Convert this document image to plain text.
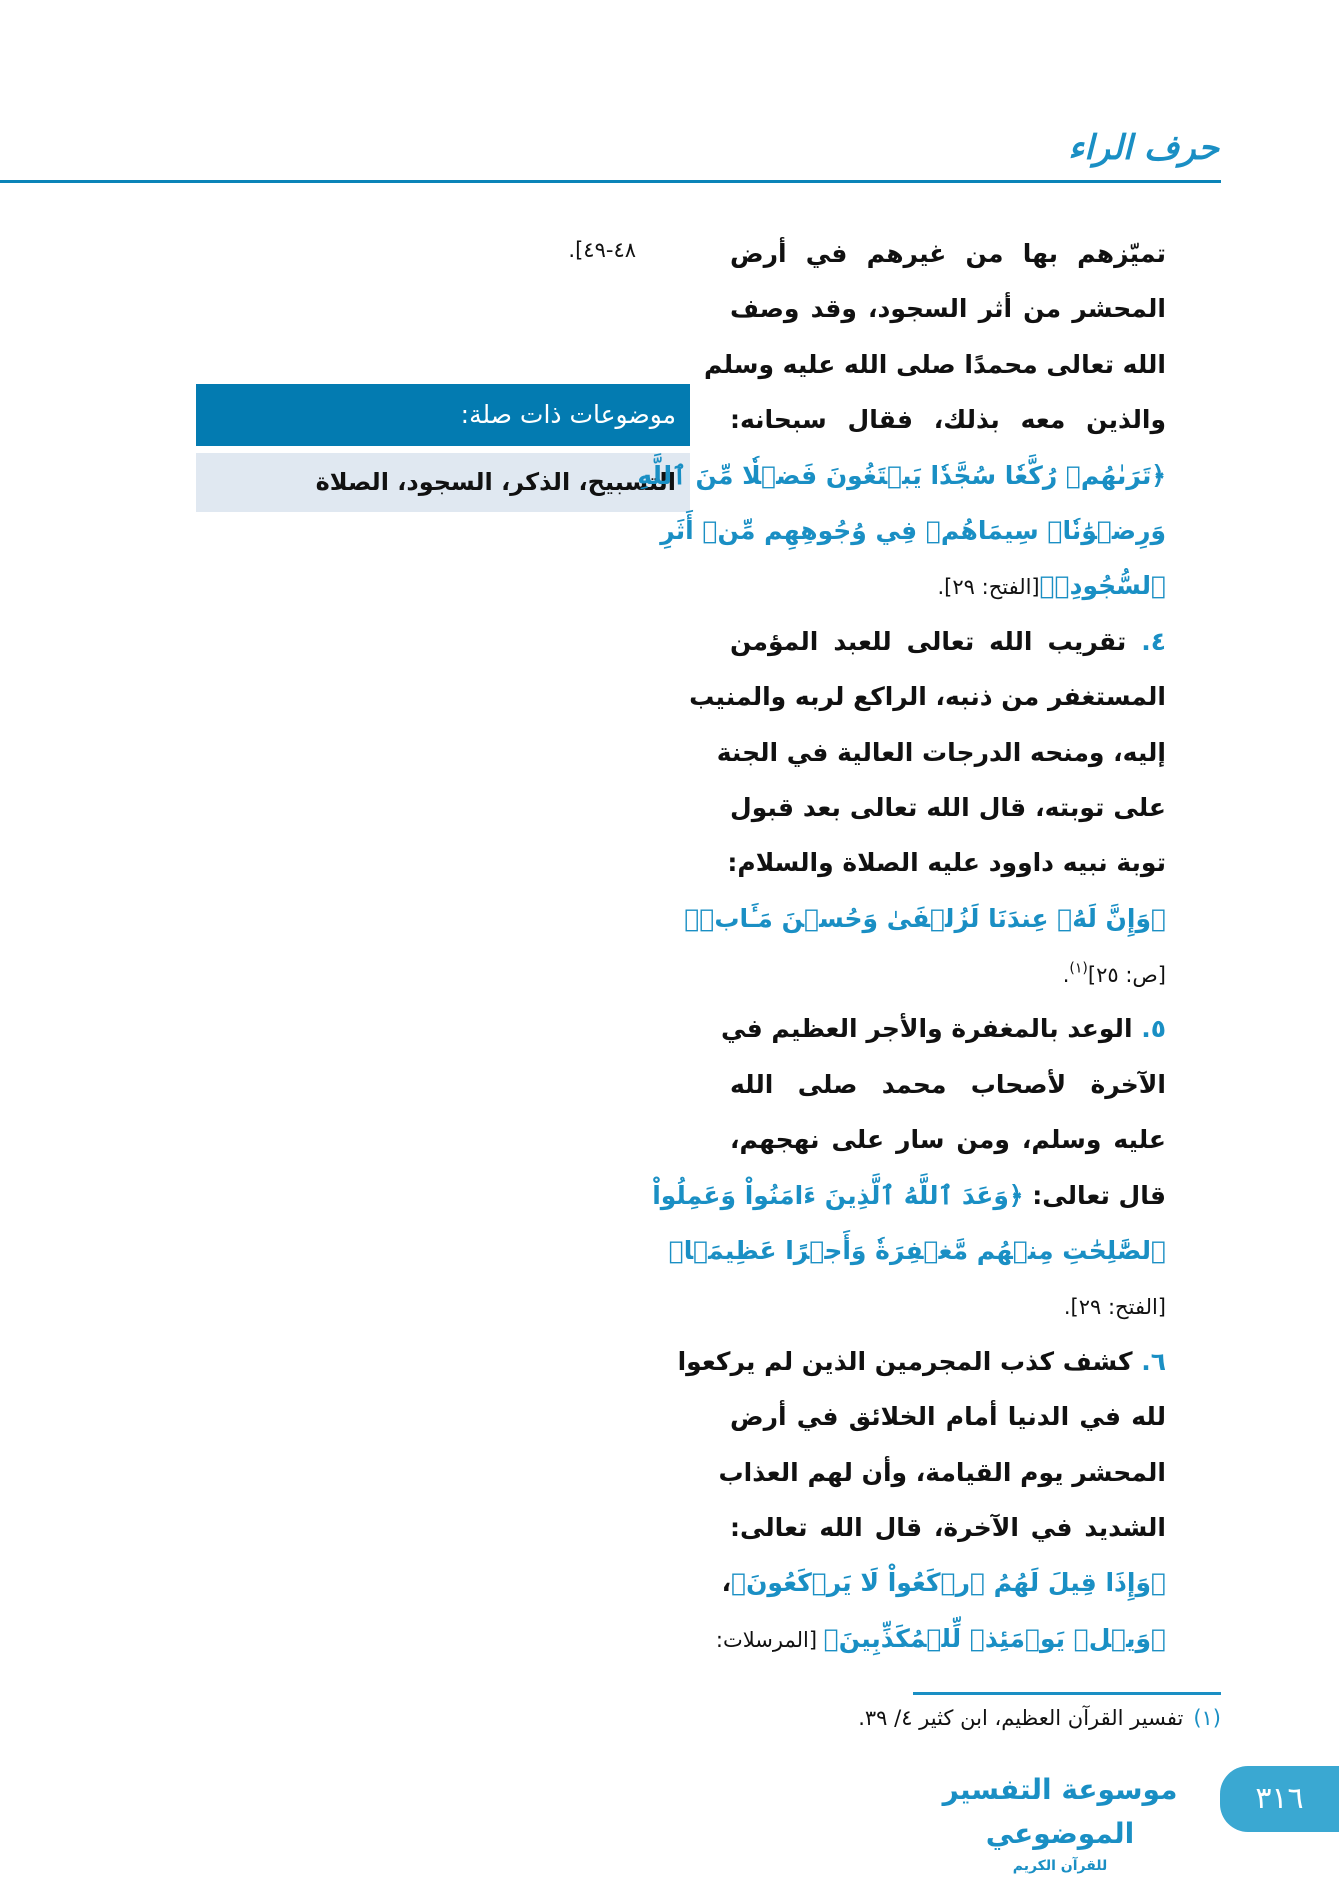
حرف الراء
٤٨-٤٩].
موضوعات ذات صلة:
التسبيح، الذكر، السجود، الصلاة
تميّزهم بها من غيرهم في أرض
المحشر من أثر السجود، وقد وصف
الله تعالى محمدًا صلى الله عليه وسلم
والذين معه بذلك، فقال سبحانه:
﴿تَرَىٰهُمۡ رُكَّعٗا سُجَّدٗا يَبۡتَغُونَ فَضۡلٗا مِّنَ ٱللَّهِ
وَرِضۡوَٰنٗاۖ سِيمَاهُمۡ فِي وُجُوهِهِم مِّنۡ أَثَرِ
ٱلسُّجُودِۚ﴾[الفتح: ٢٩].
٤. تقريب الله تعالى للعبد المؤمن
المستغفر من ذنبه، الراكع لربه والمنيب
إليه، ومنحه الدرجات العالية في الجنة
على توبته، قال الله تعالى بعد قبول
توبة نبيه داوود عليه الصلاة والسلام:
﴿وَإِنَّ لَهُۥ عِندَنَا لَزُلۡفَىٰ وَحُسۡنَ مَـَٔابٖ﴾
[ص: ٢٥]$^{(١)}$.
٥. الوعد بالمغفرة والأجر العظيم في
الآخرة لأصحاب محمد صلى الله
عليه وسلم، ومن سار على نهجهم،
قال تعالى: ﴿وَعَدَ ٱللَّهُ ٱلَّذِينَ ءَامَنُواْ وَعَمِلُواْ
ٱلصَّٰلِحَٰتِ مِنۡهُم مَّغۡفِرَةٗ وَأَجۡرًا عَظِيمَۢا﴾
[الفتح: ٢٩].
٦. كشف كذب المجرمين الذين لم يركعوا
لله في الدنيا أمام الخلائق في أرض
المحشر يوم القيامة، وأن لهم العذاب
الشديد في الآخرة، قال الله تعالى:
﴿وَإِذَا قِيلَ لَهُمُ ٱرۡكَعُواْ لَا يَرۡكَعُونَ﴾،
﴿وَيۡلٞ يَوۡمَئِذٖ لِّلۡمُكَذِّبِينَ﴾ [المرسلات:
(١)تفسير القرآن العظيم، ابن كثير ٤/ ٣٩.
موسوعة التفسير الموضوعي
للقرآن الكريم
٣١٦
